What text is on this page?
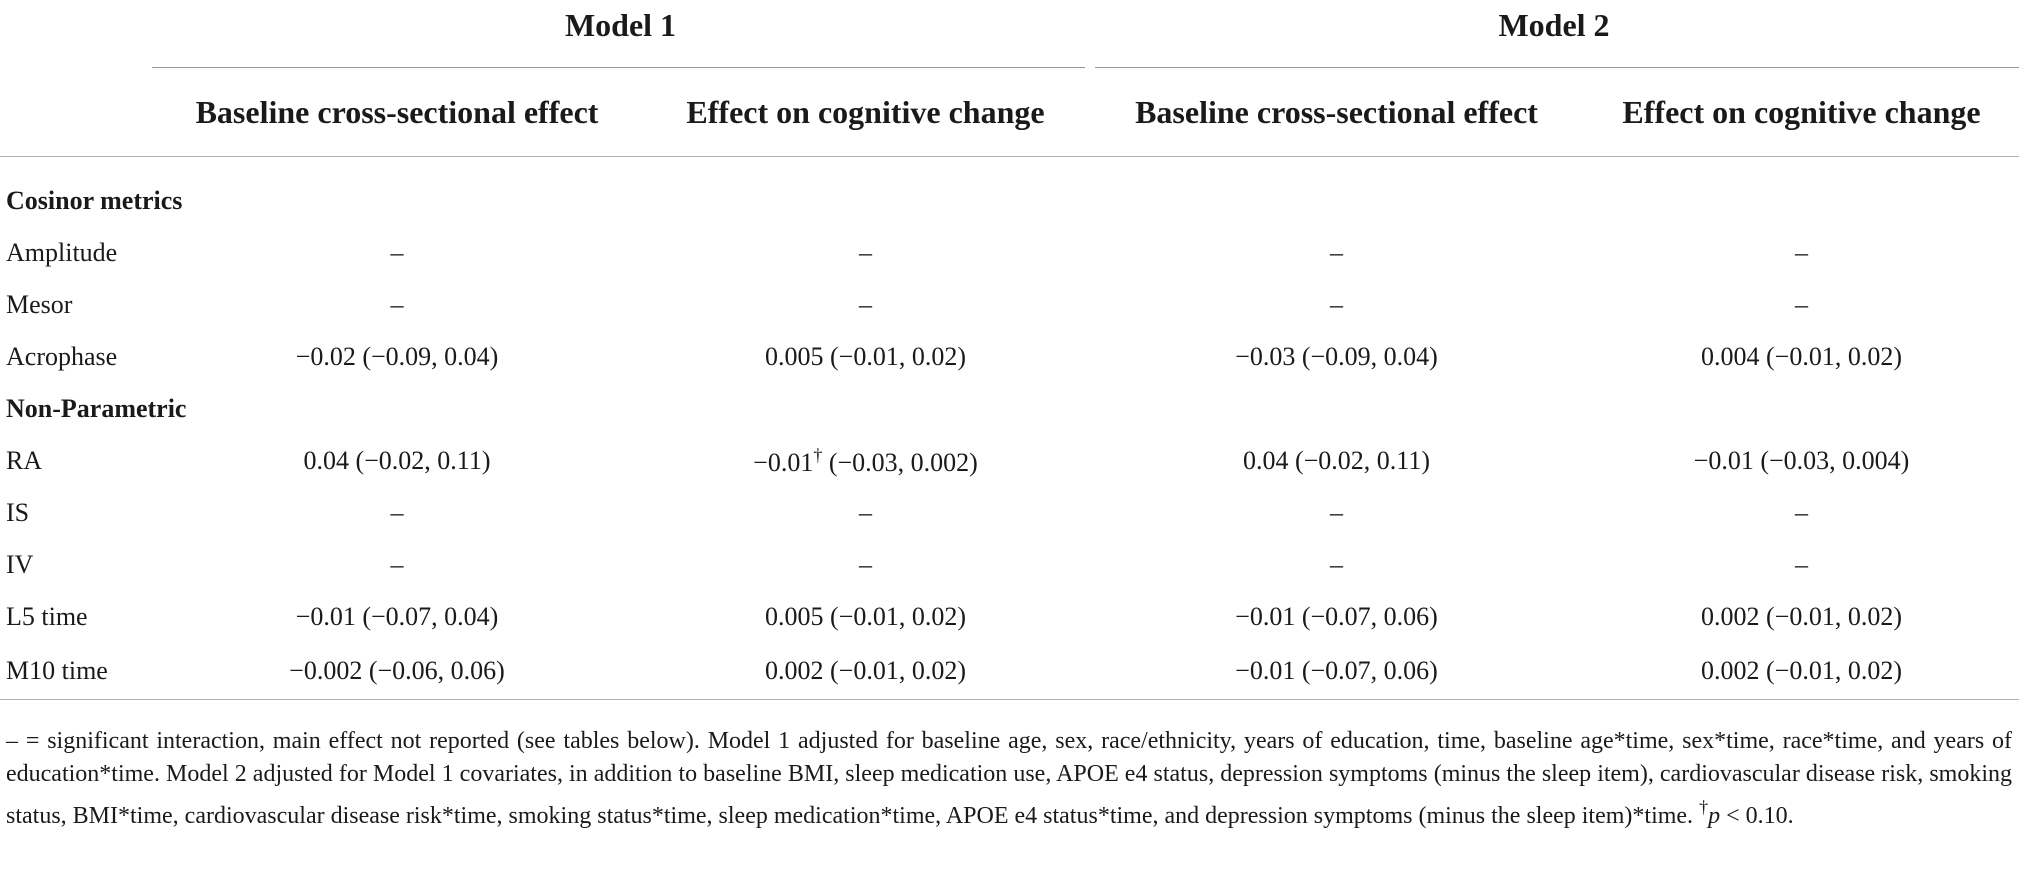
	Model 1		Model 2	

	Baseline cross-sectional effect	Effect on cognitive change	Baseline cross-sectional effect	Effect on cognitive change
Cosinor metrics				
Amplitude	–	–	–	–
Mesor	–	–	–	–
Acrophase	−0.02 (−0.09, 0.04)	0.005 (−0.01, 0.02)	−0.03 (−0.09, 0.04)	0.004 (−0.01, 0.02)
Non-Parametric				
RA	0.04 (−0.02, 0.11)	−0.01† (−0.03, 0.002)	0.04 (−0.02, 0.11)	−0.01 (−0.03, 0.004)
IS	–	–	–	–
IV	–	–	–	–
L5 time	−0.01 (−0.07, 0.04)	0.005 (−0.01, 0.02)	−0.01 (−0.07, 0.06)	0.002 (−0.01, 0.02)
M10 time	−0.002 (−0.06, 0.06)	0.002 (−0.01, 0.02)	−0.01 (−0.07, 0.06)	0.002 (−0.01, 0.02)
– = significant interaction, main effect not reported (see tables below). Model 1 adjusted for baseline age, sex, race/ethnicity, years of education, time, baseline age*time, sex*time, race*time, and years of education*time. Model 2 adjusted for Model 1 covariates, in addition to baseline BMI, sleep medication use, APOE e4 status, depression symptoms (minus the sleep item), cardiovascular disease risk, smoking status, BMI*time, cardiovascular disease risk*time, smoking status*time, sleep medication*time, APOE e4 status*time, and depression symptoms (minus the sleep item)*time. †p < 0.10.
